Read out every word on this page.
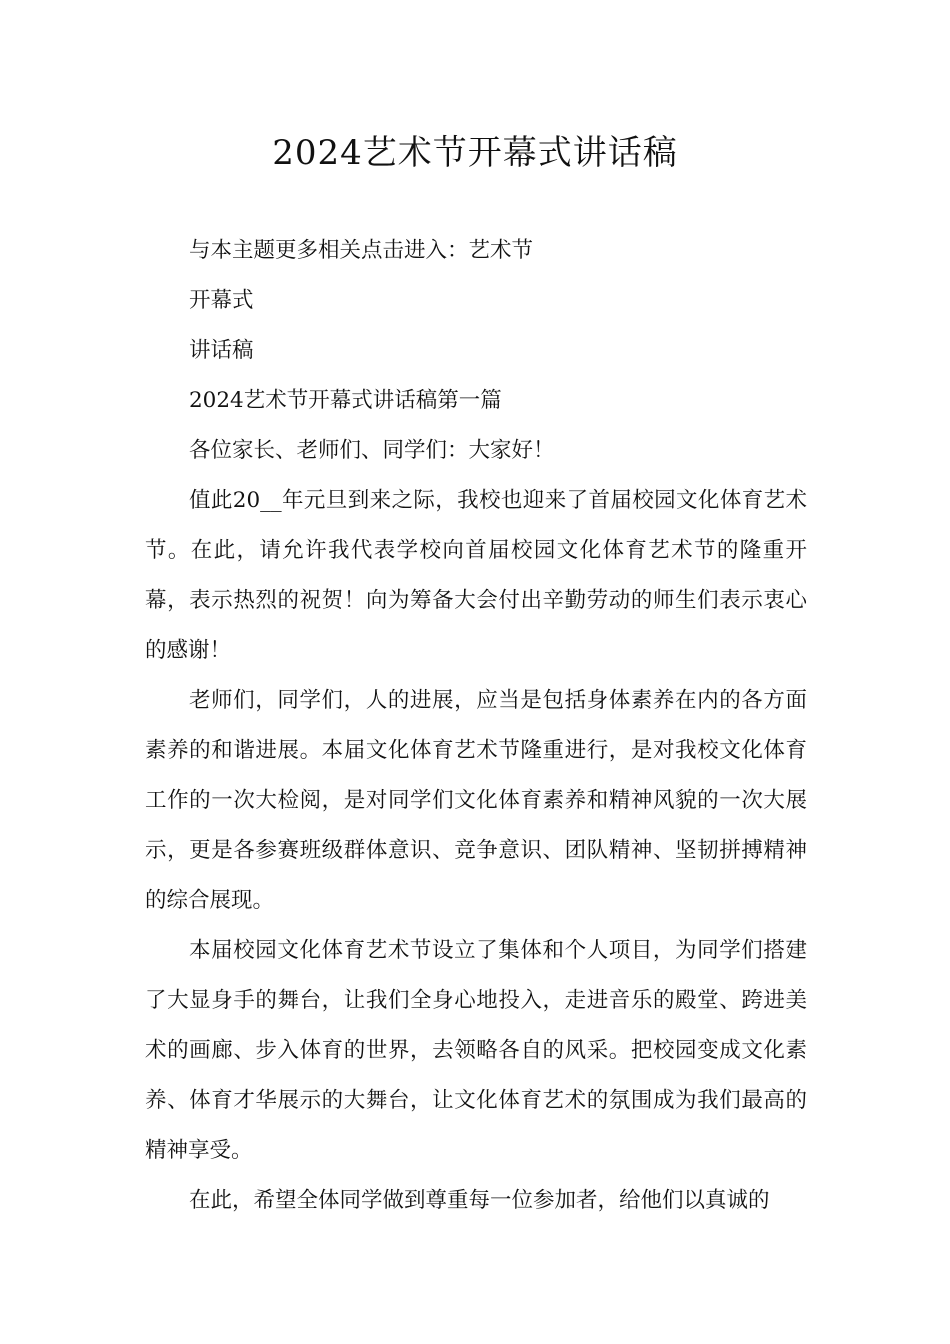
2024艺术节开幕式讲话稿

与本主题更多相关点击进入：艺术节

开幕式

讲话稿

2024艺术节开幕式讲话稿第一篇

各位家长、老师们、同学们：大家好！

值此20__年元旦到来之际，我校也迎来了首届校园文化体育艺术节。在此，请允许我代表学校向首届校园文化体育艺术节的隆重开幕，表示热烈的祝贺！向为筹备大会付出辛勤劳动的师生们表示衷心的感谢！

老师们，同学们，人的进展，应当是包括身体素养在内的各方面素养的和谐进展。本届文化体育艺术节隆重进行，是对我校文化体育工作的一次大检阅，是对同学们文化体育素养和精神风貌的一次大展示，更是各参赛班级群体意识、竞争意识、团队精神、坚韧拼搏精神的综合展现。

本届校园文化体育艺术节设立了集体和个人项目，为同学们搭建了大显身手的舞台，让我们全身心地投入，走进音乐的殿堂、跨进美术的画廊、步入体育的世界，去领略各自的风采。把校园变成文化素养、体育才华展示的大舞台，让文化体育艺术的氛围成为我们最高的精神享受。

在此，希望全体同学做到尊重每一位参加者，给他们以真诚的
